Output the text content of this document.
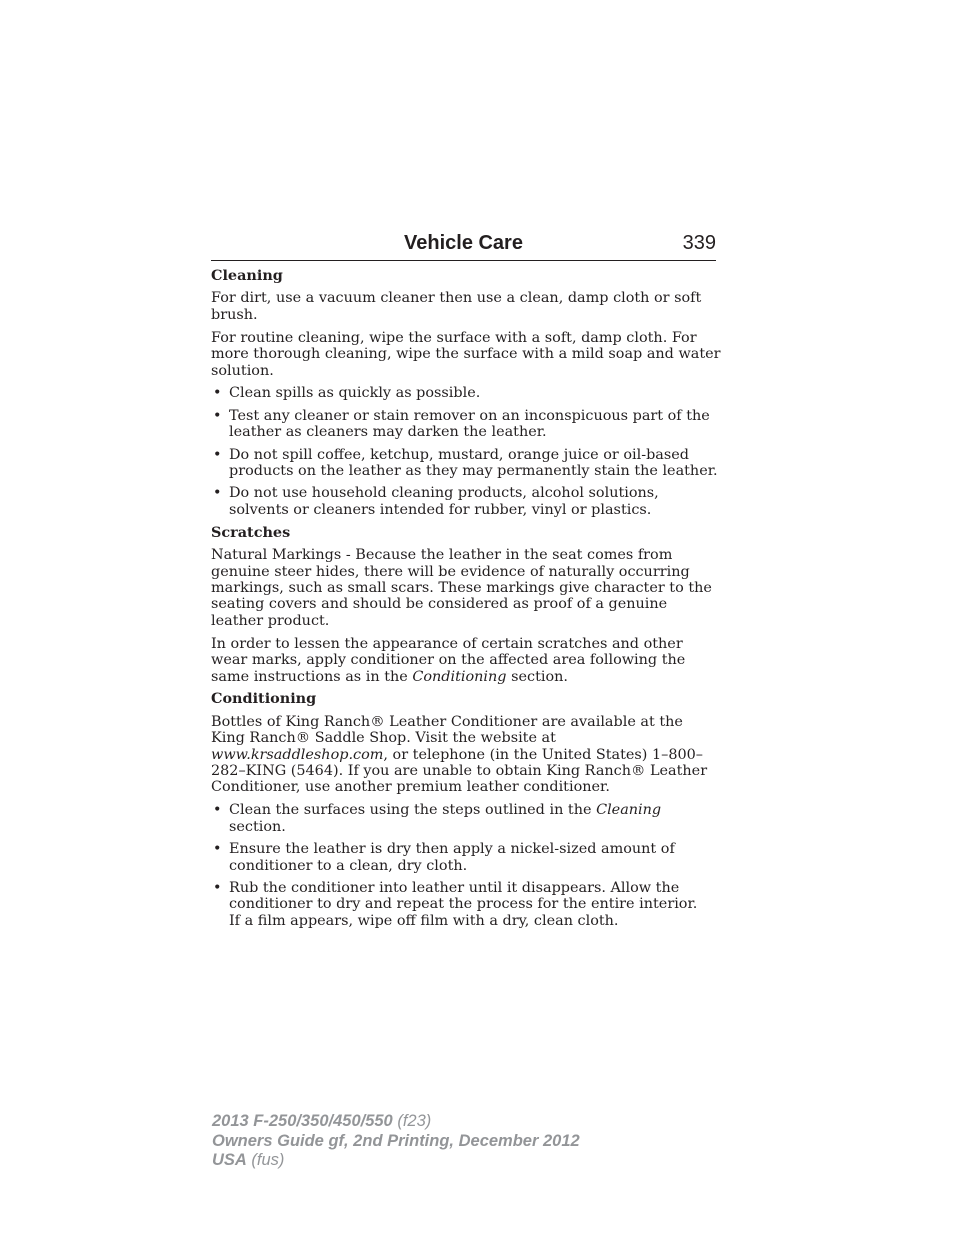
Vehicle Care	339
Cleaning

For dirt, use a vacuum cleaner then use a clean, damp cloth or soft brush.

For routine cleaning, wipe the surface with a soft, damp cloth. For more thorough cleaning, wipe the surface with a mild soap and water solution.

• Clean spills as quickly as possible.
• Test any cleaner or stain remover on an inconspicuous part of the leather as cleaners may darken the leather.
• Do not spill coffee, ketchup, mustard, orange juice or oil-based products on the leather as they may permanently stain the leather.
• Do not use household cleaning products, alcohol solutions, solvents or cleaners intended for rubber, vinyl or plastics.
Scratches

Natural Markings - Because the leather in the seat comes from genuine steer hides, there will be evidence of naturally occurring markings, such as small scars. These markings give character to the seating covers and should be considered as proof of a genuine leather product.

In order to lessen the appearance of certain scratches and other wear marks, apply conditioner on the affected area following the same instructions as in the Conditioning section.

Conditioning

Bottles of King Ranch® Leather Conditioner are available at the King Ranch® Saddle Shop. Visit the website at www.krsaddleshop.com, or telephone (in the United States) 1–800–282–KING (5464). If you are unable to obtain King Ranch® Leather Conditioner, use another premium leather conditioner.

• Clean the surfaces using the steps outlined in the Cleaning section.
• Ensure the leather is dry then apply a nickel-sized amount of conditioner to a clean, dry cloth.
• Rub the conditioner into leather until it disappears. Allow the conditioner to dry and repeat the process for the entire interior.
If a film appears, wipe off film with a dry, clean cloth.
2013 F-250/350/450/550 (f23)
Owners Guide gf, 2nd Printing, December 2012
USA (fus)
